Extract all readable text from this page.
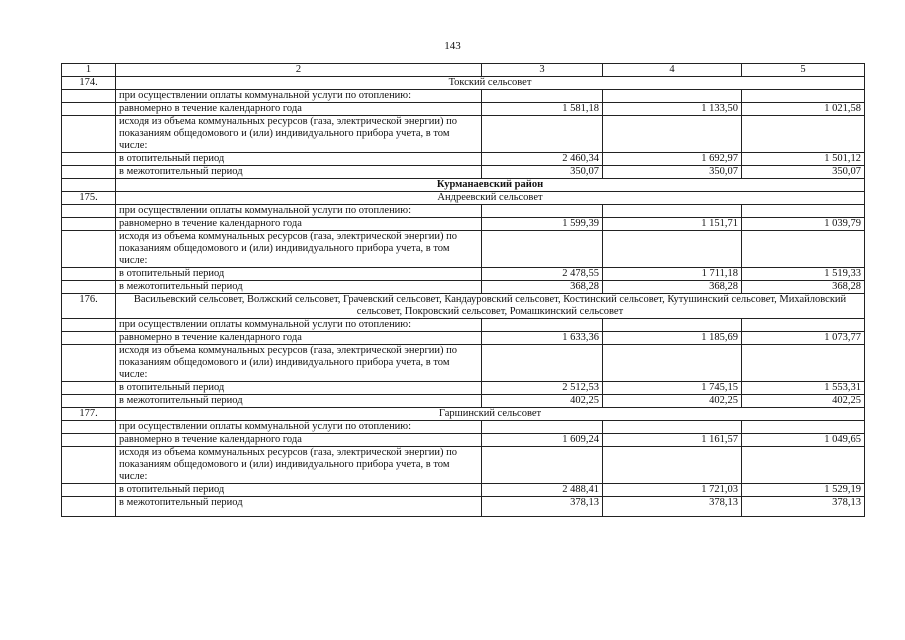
143
1	2	3	4	5
174.	Токский сельсовет			
	при осуществлении оплаты коммунальной услуги по отоплению:			
	равномерно в течение календарного года	1 581,18	1 133,50	1 021,58
	исходя из объема коммунальных ресурсов (газа, электрической энергии) по показаниям общедомового и (или) индивидуального прибора учета, в том числе:			
	в отопительный период	2 460,34	1 692,97	1 501,12
	в межотопительный период	350,07	350,07	350,07
	Курманаевский район			
175.	Андреевский сельсовет			
	при осуществлении оплаты коммунальной услуги по отоплению:			
	равномерно в течение календарного года	1 599,39	1 151,71	1 039,79
	исходя из объема коммунальных ресурсов (газа, электрической энергии) по показаниям общедомового и (или) индивидуального прибора учета, в том числе:			
	в отопительный период	2 478,55	1 711,18	1 519,33
	в межотопительный период	368,28	368,28	368,28
176.	Васильевский сельсовет, Волжский сельсовет, Грачевский сельсовет, Кандауровский сельсовет, Костинский сельсовет, Кутушинский сельсовет, Михайловский сельсовет, Покровский сельсовет, Ромашкинский сельсовет			
	при осуществлении оплаты коммунальной услуги по отоплению:			
	равномерно в течение календарного года	1 633,36	1 185,69	1 073,77
	исходя из объема коммунальных ресурсов (газа, электрической энергии) по показаниям общедомового и (или) индивидуального прибора учета, в том числе:			
	в отопительный период	2 512,53	1 745,15	1 553,31
	в межотопительный период	402,25	402,25	402,25
177.	Гаршинский сельсовет			
	при осуществлении оплаты коммунальной услуги по отоплению:			
	равномерно в течение календарного года	1 609,24	1 161,57	1 049,65
	исходя из объема коммунальных ресурсов (газа, электрической энергии) по показаниям общедомового и (или) индивидуального прибора учета, в том числе:			
	в отопительный период	2 488,41	1 721,03	1 529,19
	в межотопительный период	378,13	378,13	378,13
